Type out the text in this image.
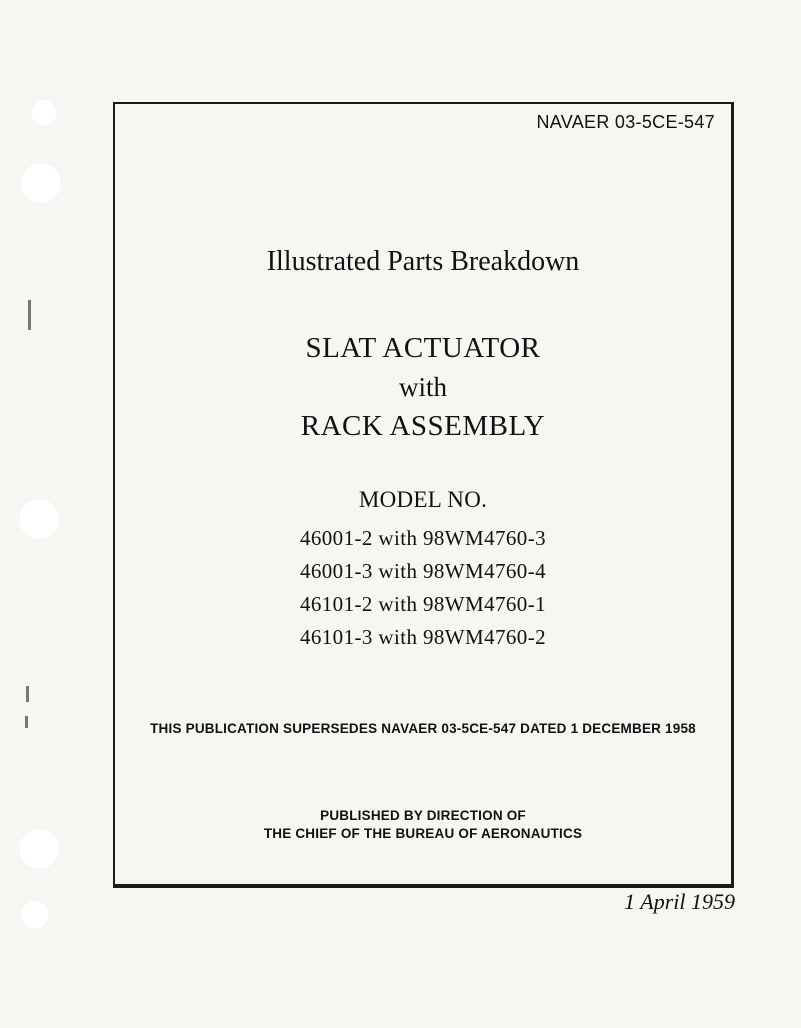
NAVAER 03-5CE-547
Illustrated Parts Breakdown
SLAT ACTUATOR
with
RACK ASSEMBLY
MODEL NO.
46001-2 with 98WM4760-3
46001-3 with 98WM4760-4
46101-2 with 98WM4760-1
46101-3 with 98WM4760-2
THIS PUBLICATION SUPERSEDES NAVAER 03-5CE-547 DATED 1 DECEMBER 1958
PUBLISHED BY DIRECTION OF
THE CHIEF OF THE BUREAU OF AERONAUTICS
1 April 1959
